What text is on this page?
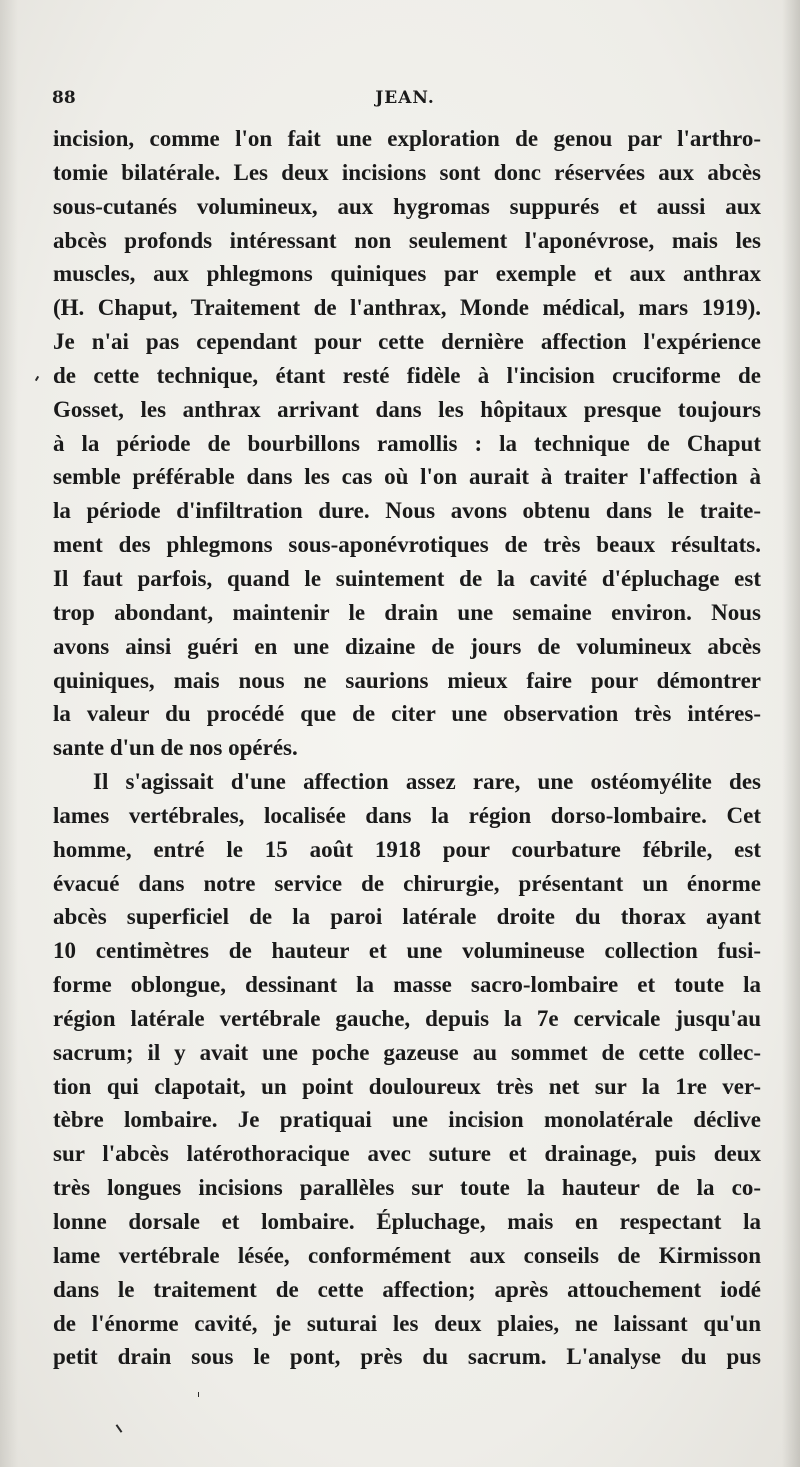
88	JEAN.
incision, comme l'on fait une exploration de genou par l'arthro-
tomie bilatérale. Les deux incisions sont donc réservées aux abcès
sous-cutanés volumineux, aux hygromas suppurés et aussi aux
abcès profonds intéressant non seulement l'aponévrose, mais les
muscles, aux phlegmons quiniques par exemple et aux anthrax
(H. Chaput, Traitement de l'anthrax, Monde médical, mars 1919).
Je n'ai pas cependant pour cette dernière affection l'expérience
de cette technique, étant resté fidèle à l'incision cruciforme de
Gosset, les anthrax arrivant dans les hôpitaux presque toujours
à la période de bourbillons ramollis : la technique de Chaput
semble préférable dans les cas où l'on aurait à traiter l'affection à
la période d'infiltration dure. Nous avons obtenu dans le traite-
ment des phlegmons sous-aponévrotiques de très beaux résultats.
Il faut parfois, quand le suintement de la cavité d'épluchage est
trop abondant, maintenir le drain une semaine environ. Nous
avons ainsi guéri en une dizaine de jours de volumineux abcès
quiniques, mais nous ne saurions mieux faire pour démontrer
la valeur du procédé que de citer une observation très intéres-
sante d'un de nos opérés.
Il s'agissait d'une affection assez rare, une ostéomyélite des
lames vertébrales, localisée dans la région dorso-lombaire. Cet
homme, entré le 15 août 1918 pour courbature fébrile, est
évacué dans notre service de chirurgie, présentant un énorme
abcès superficiel de la paroi latérale droite du thorax ayant
10 centimètres de hauteur et une volumineuse collection fusi-
forme oblongue, dessinant la masse sacro-lombaire et toute la
région latérale vertébrale gauche, depuis la 7e cervicale jusqu'au
sacrum; il y avait une poche gazeuse au sommet de cette collec-
tion qui clapotait, un point douloureux très net sur la 1re ver-
tèbre lombaire. Je pratiquai une incision monolatérale déclive
sur l'abcès latérothoracique avec suture et drainage, puis deux
très longues incisions parallèles sur toute la hauteur de la co-
lonne dorsale et lombaire. Épluchage, mais en respectant la
lame vertébrale lésée, conformément aux conseils de Kirmisson
dans le traitement de cette affection; après attouchement iodé
de l'énorme cavité, je suturai les deux plaies, ne laissant qu'un
petit drain sous le pont, près du sacrum. L'analyse du pus
